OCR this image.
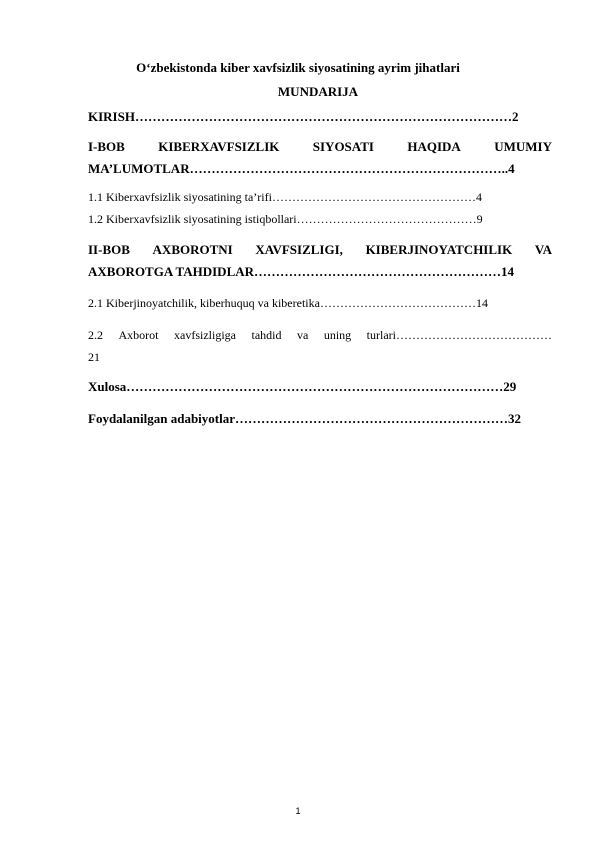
O‘zbekistonda kiber xavfsizlik siyosatining ayrim jihatlari
MUNDARIJA
KIRISH……………………………………………………………………………2
I-BOB	KIBERXAVFSIZLIK	SIYOSATI	HAQIDA	UMUMIY
MA’LUMOTLAR………………………………………………………………..4
1.1 Kiberxavfsizlik siyosatining ta’rifi……………………………………………4
1.2 Kiberxavfsizlik siyosatining istiqbollari………………………………………9
II-BOB AXBOROTNI XAVFSIZLIGI, KIBERJINOYATCHILIK VA
AXBOROTGA TAHDIDLAR…………………………………………………14
2.1 Kiberjinoyatchilik, kiberhuquq va kiberetika…………………………………14
2.2 Axborot xavfsizligiga tahdid va uning turlari…………………………………
21
Xulosa……………………………………………………………………………29
Foydalanilgan adabiyotlar………………………………………………………32
1
